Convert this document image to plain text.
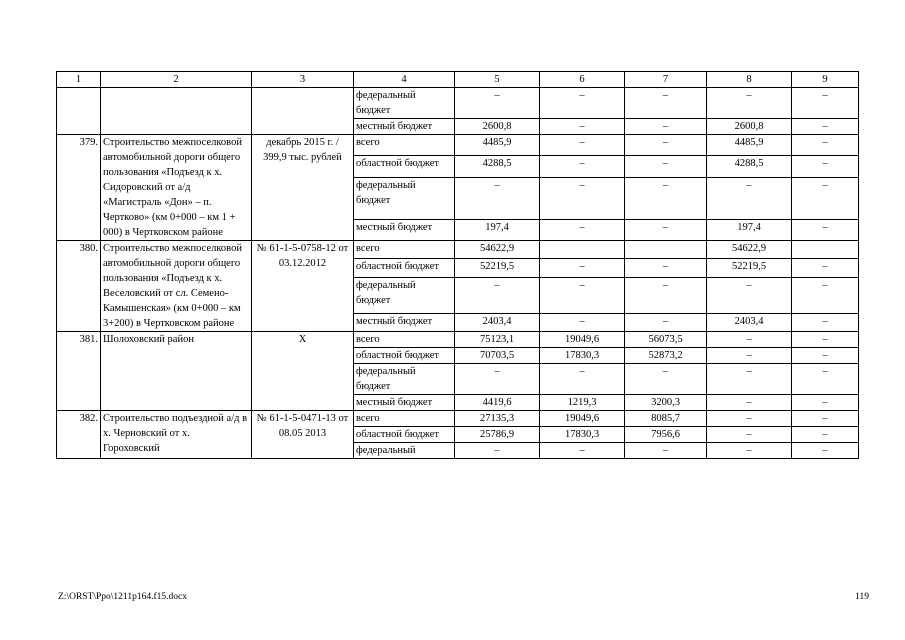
1	2	3	4	5	6	7	8	9
			федеральный бюджет	–	–	–	–	–
			местный бюджет	2600,8	–	–	2600,8	–
379.	Строительство межпоселковой автомобильной дороги общего пользования «Подъезд к х. Сидоровский от а/д «Магистраль «Дон» – п. Чертково» (км 0+000 – км 1 + 000) в Чертковском районе	декабрь 2015 г. / 399,9 тыс. рублей	всего	4485,9	–	–	4485,9	–
			областной бюджет	4288,5	–	–	4288,5	–
			федеральный бюджет	–	–	–	–	–
			местный бюджет	197,4	–	–	197,4	–
380.	Строительство межпоселковой автомобильной дороги общего пользования «Подъезд к х. Веселовский от сл. Семено-Камышенская» (км 0+000 – км 3+200) в Чертковском районе	№ 61-1-5-0758-12 от 03.12.2012	всего	54622,9			54622,9	
			областной бюджет	52219,5	–	–	52219,5	–
			федеральный бюджет	–	–	–	–	–
			местный бюджет	2403,4	–	–	2403,4	–
381.	Шолоховский район	Х	всего	75123,1	19049,6	56073,5	–	–
			областной бюджет	70703,5	17830,3	52873,2	–	–
			федеральный бюджет	–	–	–	–	–
			местный бюджет	4419,6	1219,3	3200,3	–	–
382.	Строительство подъездной а/д в х. Черновский от х. Гороховский	№ 61-1-5-0471-13 от 08.05 2013	всего	27135,3	19049,6	8085,7	–	–
			областной бюджет	25786,9	17830,3	7956,6	–	–
			федеральный	–	–	–	–	–
Z:\ORST\Ppo\1211p164.f15.docx	119
